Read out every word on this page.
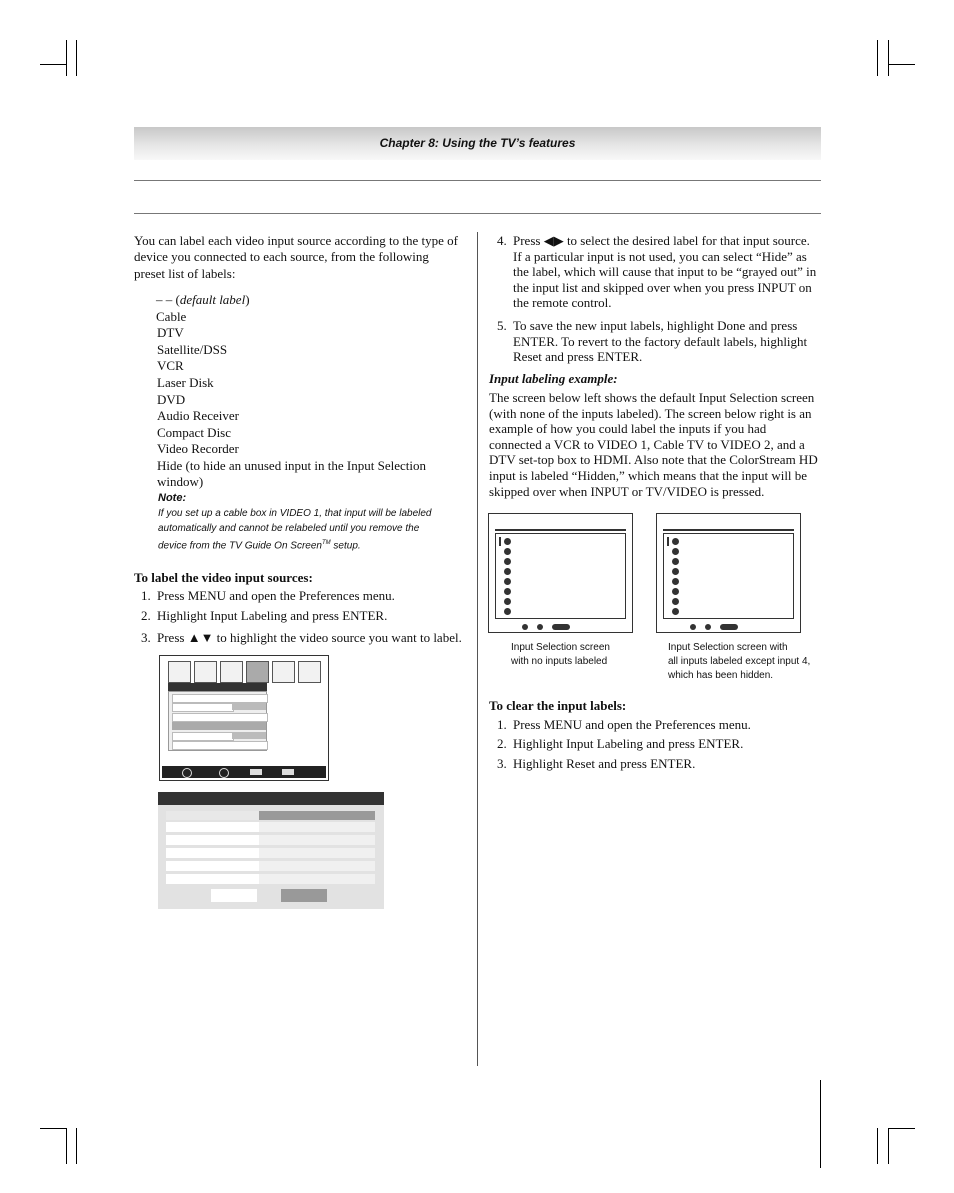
Chapter 8: Using the TV’s features
You can label each video input source according to the type of device you connected to each source, from the following preset list of labels:
– – (default label)
Cable
DTV
Satellite/DSS
VCR
Laser Disk
DVD
Audio Receiver
Compact Disc
Video Recorder
Hide (to hide an unused input in the Input Selection
window)
Note:
If you set up a cable box in VIDEO 1, that input will be labeled automatically and cannot be relabeled until you remove the device from the TV Guide On Screen™ setup.
To label the video input sources:
1. Press MENU and open the Preferences menu.
2. Highlight Input Labeling and press ENTER.
3. Press ▲▼ to highlight the video source you want to label.
4. Press ◀▶ to select the desired label for that input source. If a particular input is not used, you can select “Hide” as the label, which will cause that input to be “grayed out” in the input list and skipped over when you press INPUT on the remote control.
5. To save the new input labels, highlight Done and press ENTER. To revert to the factory default labels, highlight Reset and press ENTER.
Input labeling example:
The screen below left shows the default Input Selection screen (with none of the inputs labeled). The screen below right is an example of how you could label the inputs if you had connected a VCR to VIDEO 1, Cable TV to VIDEO 2, and a DTV set-top box to HDMI. Also note that the ColorStream HD input is labeled “Hidden,” which means that the input will be skipped over when INPUT or TV/VIDEO is pressed.
Input Selection screen
with no inputs labeled
Input Selection screen with
all inputs labeled except input 4,
which has been hidden.
To clear the input labels:
1. Press MENU and open the Preferences menu.
2. Highlight Input Labeling and press ENTER.
3. Highlight Reset and press ENTER.
